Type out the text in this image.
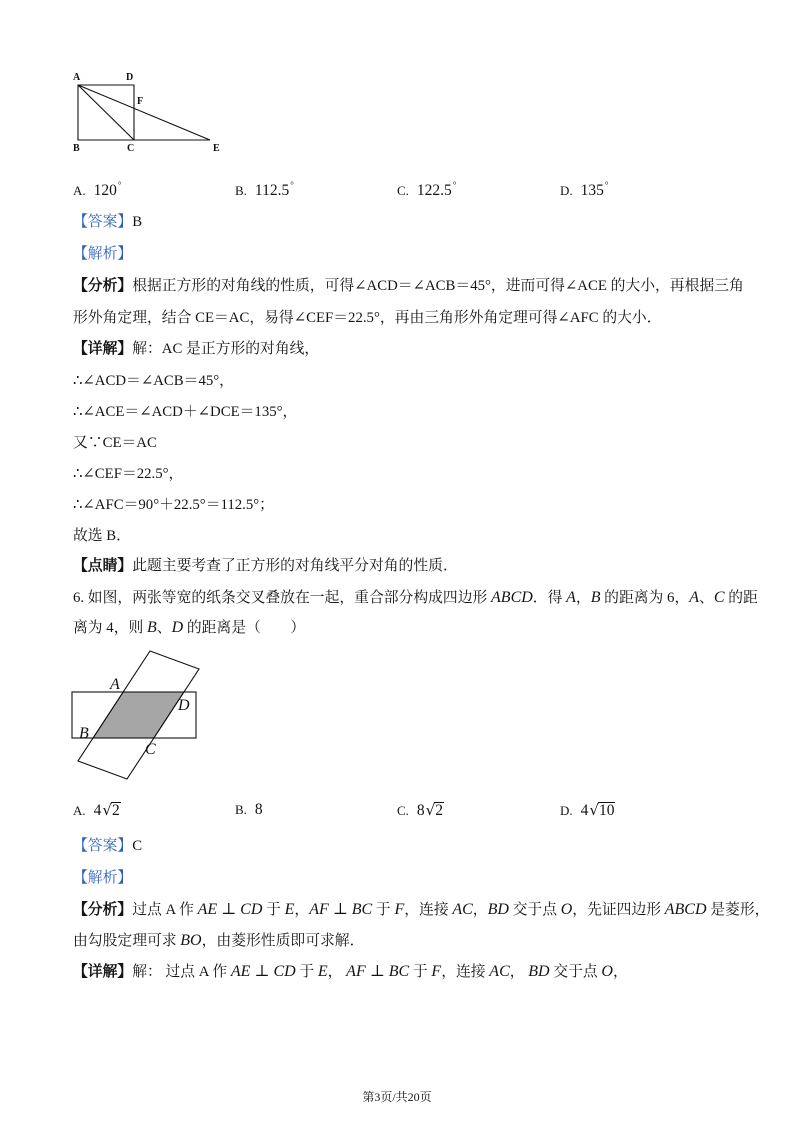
A	D
F
B	C	E
A. 120°	B. 112.5°	C. 122.5°	D. 135°
【答案】B
【解析】
【分析】根据正方形的对角线的性质，可得∠ACD＝∠ACB＝45°，进而可得∠ACE 的大小，再根据三角
形外角定理，结合 CE＝AC，易得∠CEF＝22.5°，再由三角形外角定理可得∠AFC 的大小．
【详解】解：AC 是正方形的对角线，
∴∠ACD＝∠ACB＝45°，
∴∠ACE＝∠ACD＋∠DCE＝135°，
又∵CE＝AC
∴∠CEF＝22.5°，
∴∠AFC＝90°＋22.5°＝112.5°；
故选 B．
【点睛】此题主要考查了正方形的对角线平分对角的性质．
6. 如图，两张等宽的纸条交叉叠放在一起，重合部分构成四边形 ABCD．得 A，B 的距离为 6，A、C 的距
离为 4，则 B、D 的距离是（　　）
A
D
B
C
A. 4√2	B. 8	C. 8√2	D. 4√10
【答案】C
【解析】
【分析】过点 A 作 AE ⊥ CD 于 E，AF ⊥ BC 于 F，连接 AC，BD 交于点 O，先证四边形 ABCD 是菱形，
由勾股定理可求 BO，由菱形性质即可求解．
【详解】解： 过点 A 作 AE ⊥ CD 于 E， AF ⊥ BC 于 F，连接 AC， BD 交于点 O，
第3页/共20页
